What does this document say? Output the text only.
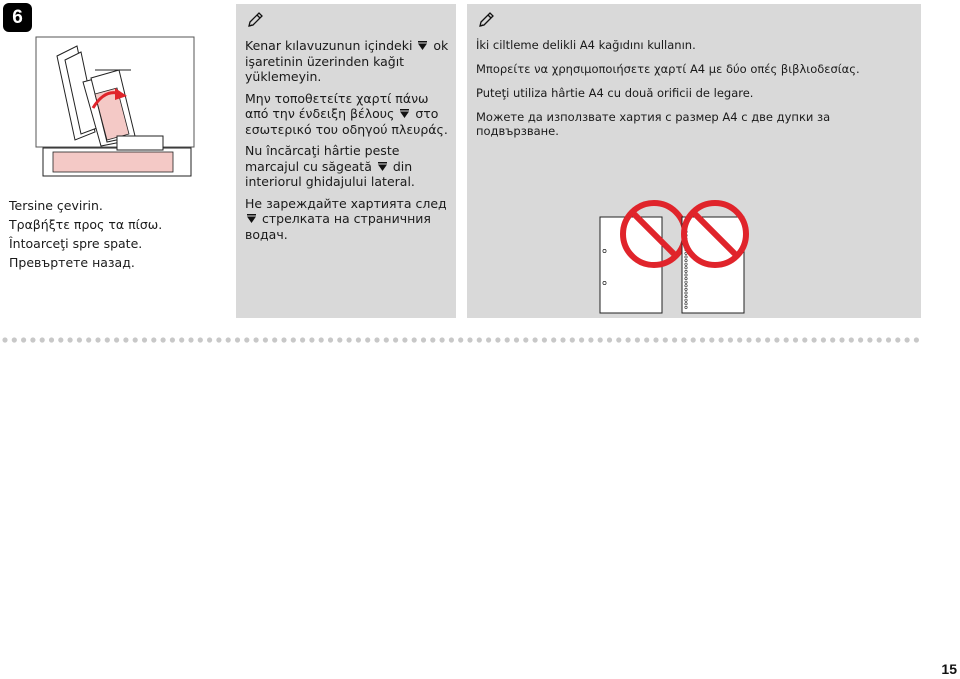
6

Tersine çevirin.

Τραβήξτε προς τα πίσω.

Întoarceţi spre spate.

Превъртете назад.

Kenar kılavuzunun içindeki ok işaretinin üzerinden kağıt yüklemeyin.

Μην τοποθετείτε χαρτί πάνω από την ένδειξη βέλους στο εσωτερικό του οδηγού πλευράς.

Nu încărcaţi hârtie peste marcajul cu săgeată din interiorul ghidajului lateral.

Не зареждайте хартията след  стрелката на страничния водач.

İki ciltleme delikli A4 kağıdını kullanın.

Μπορείτε να χρησιμοποιήσετε χαρτί A4 με δύο οπές βιβλιοδεσίας.

Puteţi utiliza hârtie A4 cu două orificii de legare.

Можете да използвате хартия с размер A4 с две дупки за подвързване.

15
